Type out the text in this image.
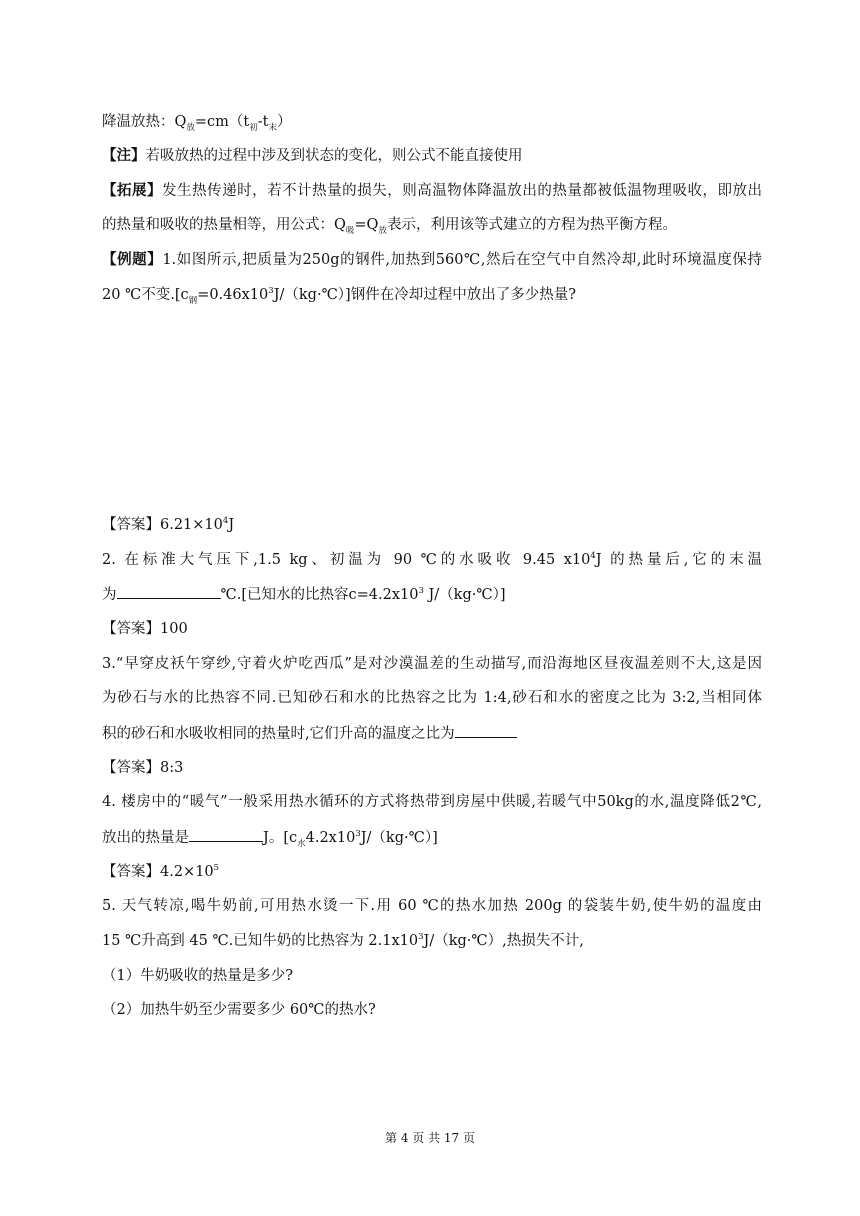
降温放热：$Q_放=cm(t_初-t_末)$
【注】若吸放热的过程中涉及到状态的变化，则公式不能直接使用
【拓展】发生热传递时，若不计热量的损失，则高温物体降温放出的热量都被低温物理吸收，即放出
的热量和吸收的热量相等，用公式：$Q_吸=Q_放$表示，利用该等式建立的方程为热平衡方程。
【例题】1.如图所示,把质量为250g的钢件,加热到560℃,然后在空气中自然冷却,此时环境温度保持
20 ℃不变$.[c_钢=0.46x10^3J/(kg\cdot℃)]$钢件在冷却过程中放出了多少热量?
【答案】$6.21\times 10^4J$
2. 在标准大气压下,1.5 kg、初温为 90 ℃的水吸收 9.45 $x10^4J$ 的热量后,它的末温
为	℃.[已知水的比热容$c=4.2x10^3$ J/（kg·℃）]
【答案】100
3.“早穿皮袄午穿纱,守着火炉吃西瓜”是对沙漠温差的生动描写,而沿海地区昼夜温差则不大,这是因
为砂石与水的比热容不同.已知砂石和水的比热容之比为 1:4,砂石和水的密度之比为 3:2,当相同体
积的砂石和水吸收相同的热量时,它们升高的温度之比为
【答案】8:3
4. 楼房中的“暖气”一般采用热水循环的方式将热带到房屋中供暖,若暖气中50kg的水,温度降低2℃,
放出的热量是	J。$[c_水4.2x10^3J/(kg\cdot℃)]$
【答案】$4.2\times 10^5$
5. 天气转凉,喝牛奶前,可用热水烫一下.用 60 ℃的热水加热 200g 的袋装牛奶,使牛奶的温度由
15 ℃升高到 45 ℃.已知牛奶的比热容为 $2.1x10^3J/(kg\cdot℃)$,热损失不计,
（1）牛奶吸收的热量是多少?
（2）加热牛奶至少需要多少 60℃的热水?
第 4 页 共 17 页
